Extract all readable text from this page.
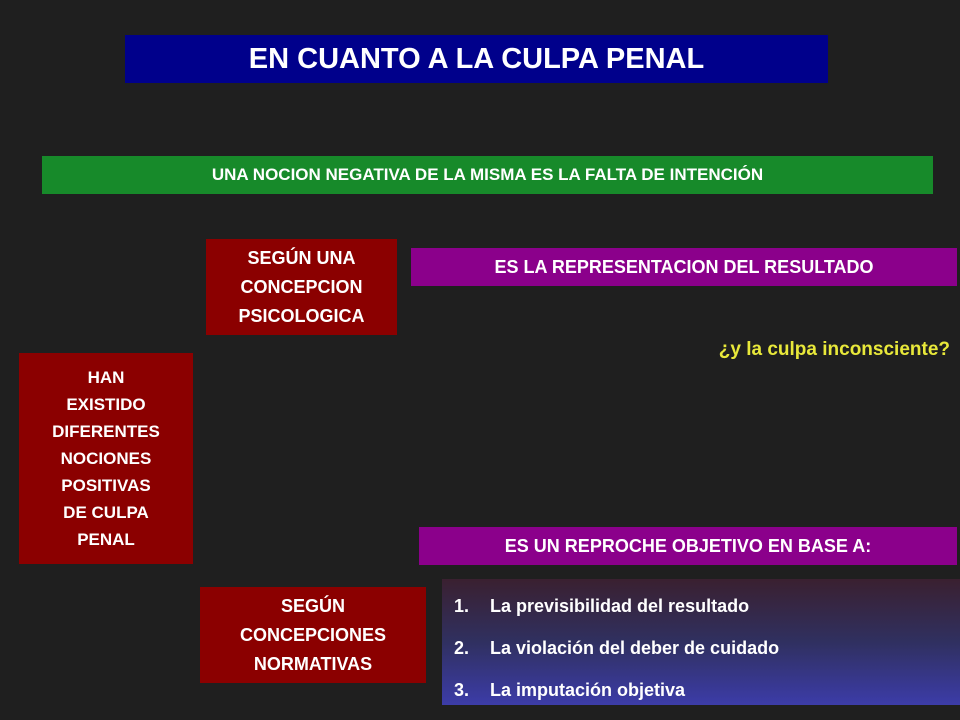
EN CUANTO A LA CULPA PENAL
UNA NOCION NEGATIVA DE LA MISMA ES LA FALTA DE INTENCIÓN
SEGÚN UNA
CONCEPCION
PSICOLOGICA
ES LA REPRESENTACION DEL RESULTADO
¿y la culpa inconsciente?
HAN
EXISTIDO
DIFERENTES
NOCIONES
POSITIVAS
DE CULPA
PENAL	ES UN REPROCHE OBJETIVO EN BASE A:
SEGÚN
CONCEPCIONES
NORMATIVAS
1.	La previsibilidad del resultado
2.	La violación del deber de cuidado
3.	La imputación objetiva
